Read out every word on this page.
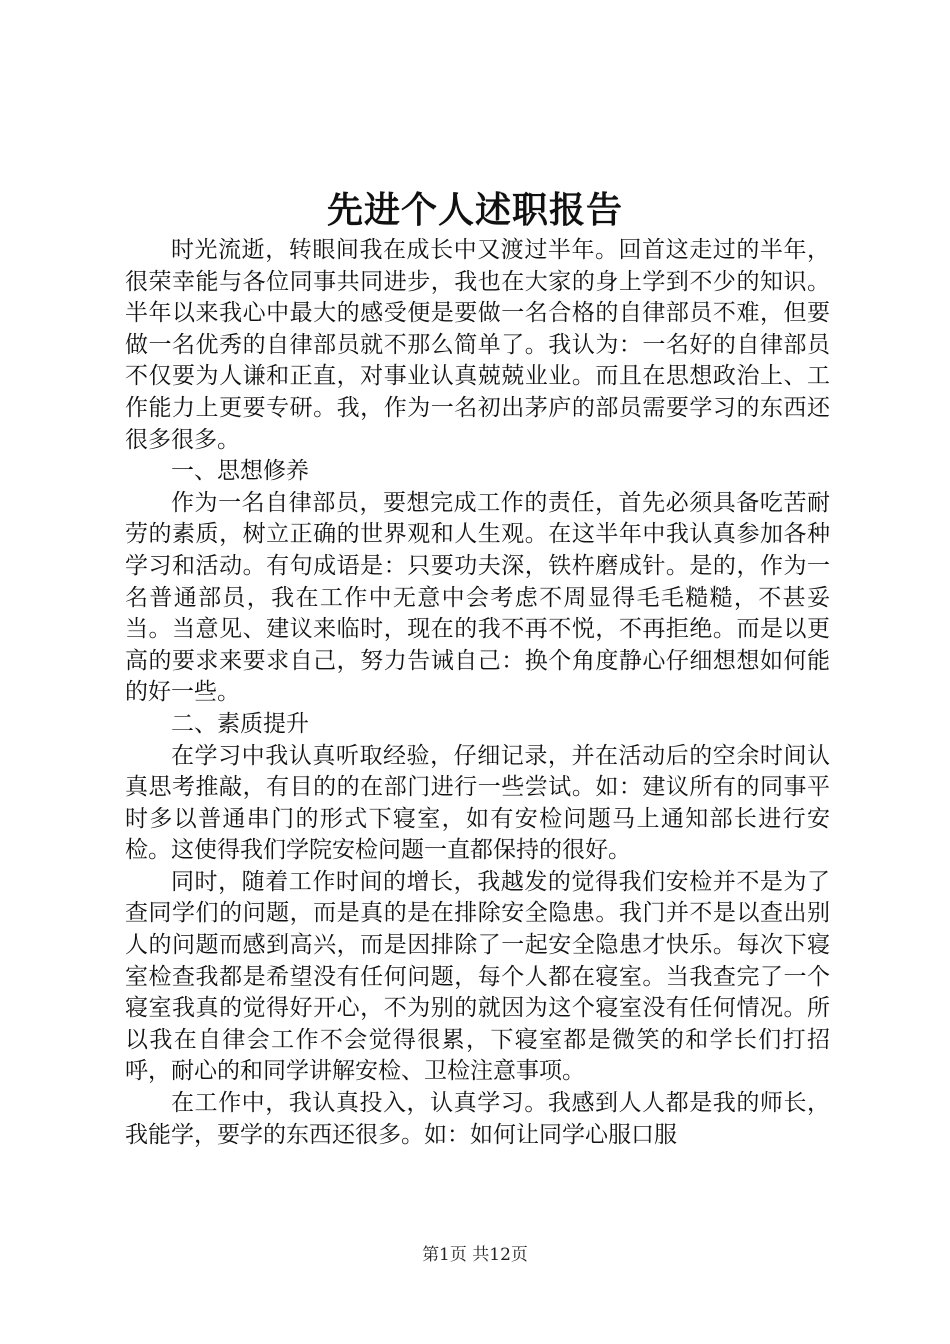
先进个人述职报告

时光流逝，转眼间我在成长中又渡过半年。回首这走过的半年，很荣幸能与各位同事共同进步，我也在大家的身上学到不少的知识。半年以来我心中最大的感受便是要做一名合格的自律部员不难，但要做一名优秀的自律部员就不那么简单了。我认为：一名好的自律部员不仅要为人谦和正直，对事业认真兢兢业业。而且在思想政治上、工作能力上更要专研。我，作为一名初出茅庐的部员需要学习的东西还很多很多。

一、思想修养

作为一名自律部员，要想完成工作的责任，首先必须具备吃苦耐劳的素质，树立正确的世界观和人生观。在这半年中我认真参加各种学习和活动。有句成语是：只要功夫深，铁杵磨成针。是的，作为一名普通部员，我在工作中无意中会考虑不周显得毛毛糙糙，不甚妥当。当意见、建议来临时，现在的我不再不悦，不再拒绝。而是以更高的要求来要求自己，努力告诫自己：换个角度静心仔细想想如何能的好一些。

二、素质提升

在学习中我认真听取经验，仔细记录，并在活动后的空余时间认真思考推敲，有目的的在部门进行一些尝试。如：建议所有的同事平时多以普通串门的形式下寝室，如有安检问题马上通知部长进行安检。这使得我们学院安检问题一直都保持的很好。

同时，随着工作时间的增长，我越发的觉得我们安检并不是为了查同学们的问题，而是真的是在排除安全隐患。我门并不是以查出别人的问题而感到高兴，而是因排除了一起安全隐患才快乐。每次下寝室检查我都是希望没有任何问题，每个人都在寝室。当我查完了一个寝室我真的觉得好开心，不为别的就因为这个寝室没有任何情况。所以我在自律会工作不会觉得很累，下寝室都是微笑的和学长们打招呼，耐心的和同学讲解安检、卫检注意事项。

在工作中，我认真投入，认真学习。我感到人人都是我的师长，我能学，要学的东西还很多。如：如何让同学心服口服

第1页 共12页
